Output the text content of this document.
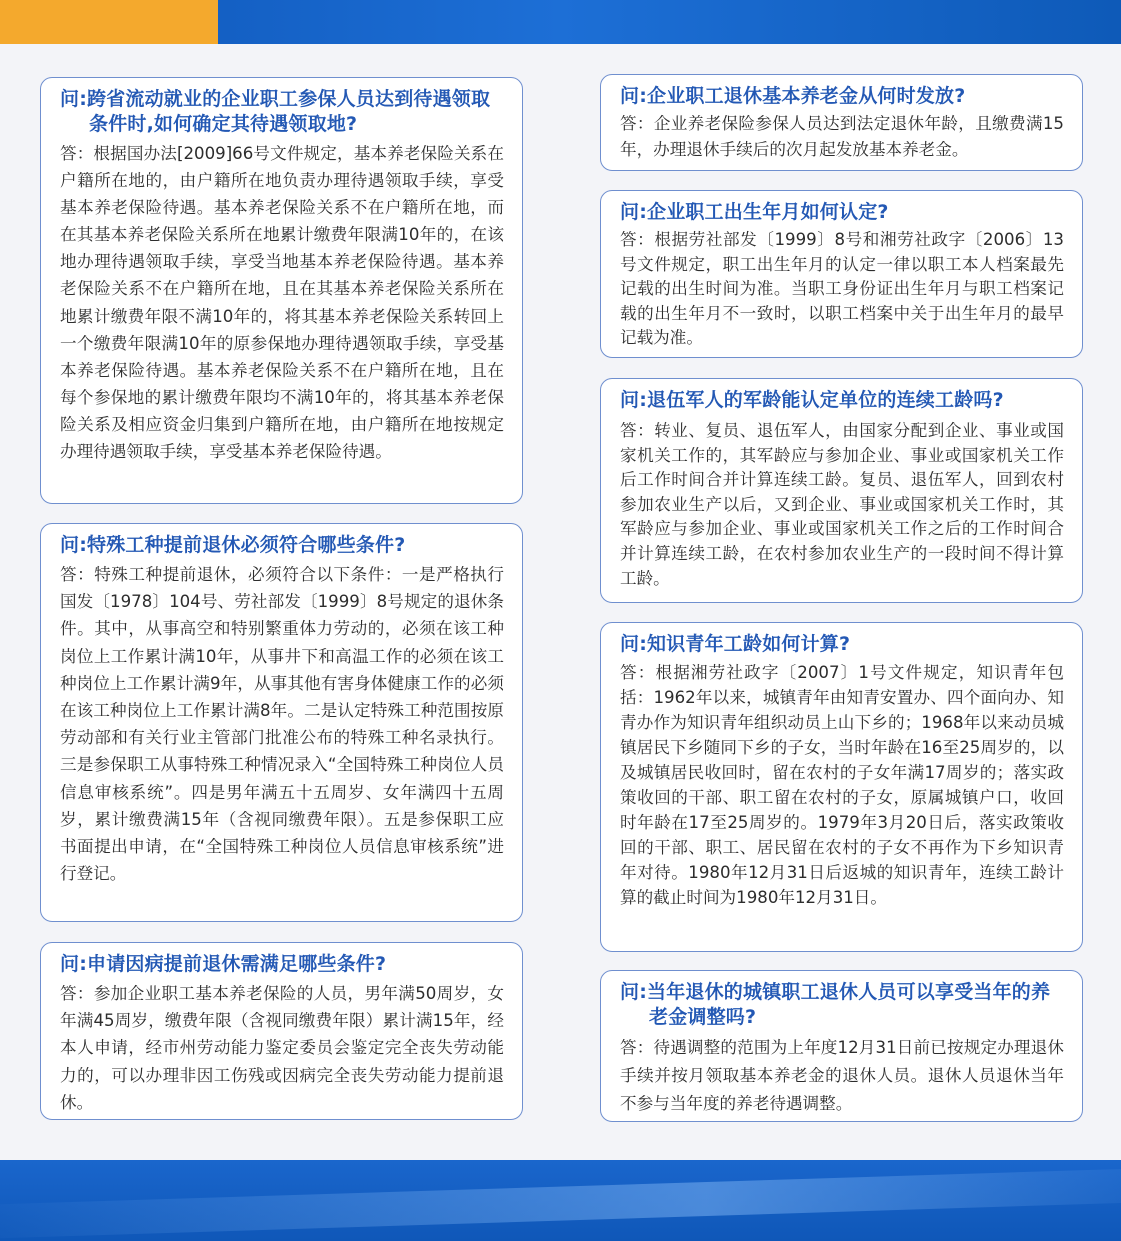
问:跨省流动就业的企业职工参保人员达到待遇领取条件时,如何确定其待遇领取地?
答：根据国办法[2009]66号文件规定，基本养老保险关系在户籍所在地的，由户籍所在地负责办理待遇领取手续，享受基本养老保险待遇。基本养老保险关系不在户籍所在地，而在其基本养老保险关系所在地累计缴费年限满10年的，在该地办理待遇领取手续，享受当地基本养老保险待遇。基本养老保险关系不在户籍所在地，且在其基本养老保险关系所在地累计缴费年限不满10年的，将其基本养老保险关系转回上一个缴费年限满10年的原参保地办理待遇领取手续，享受基本养老保险待遇。基本养老保险关系不在户籍所在地，且在每个参保地的累计缴费年限均不满10年的，将其基本养老保险关系及相应资金归集到户籍所在地，由户籍所在地按规定办理待遇领取手续，享受基本养老保险待遇。
问:特殊工种提前退休必须符合哪些条件?
答：特殊工种提前退休，必须符合以下条件：一是严格执行国发〔1978〕104号、劳社部发〔1999〕8号规定的退休条件。其中，从事高空和特别繁重体力劳动的，必须在该工种岗位上工作累计满10年，从事井下和高温工作的必须在该工种岗位上工作累计满9年，从事其他有害身体健康工作的必须在该工种岗位上工作累计满8年。二是认定特殊工种范围按原劳动部和有关行业主管部门批准公布的特殊工种名录执行。三是参保职工从事特殊工种情况录入“全国特殊工种岗位人员信息审核系统”。四是男年满五十五周岁、女年满四十五周岁，累计缴费满15年（含视同缴费年限）。五是参保职工应书面提出申请，在“全国特殊工种岗位人员信息审核系统”进行登记。
问:申请因病提前退休需满足哪些条件?
答：参加企业职工基本养老保险的人员，男年满50周岁，女年满45周岁，缴费年限（含视同缴费年限）累计满15年，经本人申请，经市州劳动能力鉴定委员会鉴定完全丧失劳动能力的，可以办理非因工伤残或因病完全丧失劳动能力提前退休。
问:企业职工退休基本养老金从何时发放?
答：企业养老保险参保人员达到法定退休年龄，且缴费满15年，办理退休手续后的次月起发放基本养老金。
问:企业职工出生年月如何认定?
答：根据劳社部发〔1999〕8号和湘劳社政字〔2006〕13号文件规定，职工出生年月的认定一律以职工本人档案最先记载的出生时间为准。当职工身份证出生年月与职工档案记载的出生年月不一致时，以职工档案中关于出生年月的最早记载为准。
问:退伍军人的军龄能认定单位的连续工龄吗?
答：转业、复员、退伍军人，由国家分配到企业、事业或国家机关工作的，其军龄应与参加企业、事业或国家机关工作后工作时间合并计算连续工龄。复员、退伍军人，回到农村参加农业生产以后，又到企业、事业或国家机关工作时，其军龄应与参加企业、事业或国家机关工作之后的工作时间合并计算连续工龄，在农村参加农业生产的一段时间不得计算工龄。
问:知识青年工龄如何计算?
答：根据湘劳社政字〔2007〕1号文件规定，知识青年包括：1962年以来，城镇青年由知青安置办、四个面向办、知青办作为知识青年组织动员上山下乡的；1968年以来动员城镇居民下乡随同下乡的子女，当时年龄在16至25周岁的，以及城镇居民收回时，留在农村的子女年满17周岁的；落实政策收回的干部、职工留在农村的子女，原属城镇户口，收回时年龄在17至25周岁的。1979年3月20日后，落实政策收回的干部、职工、居民留在农村的子女不再作为下乡知识青年对待。1980年12月31日后返城的知识青年，连续工龄计算的截止时间为1980年12月31日。
问:当年退休的城镇职工退休人员可以享受当年的养老金调整吗?
答：待遇调整的范围为上年度12月31日前已按规定办理退休手续并按月领取基本养老金的退休人员。退休人员退休当年不参与当年度的养老待遇调整。
